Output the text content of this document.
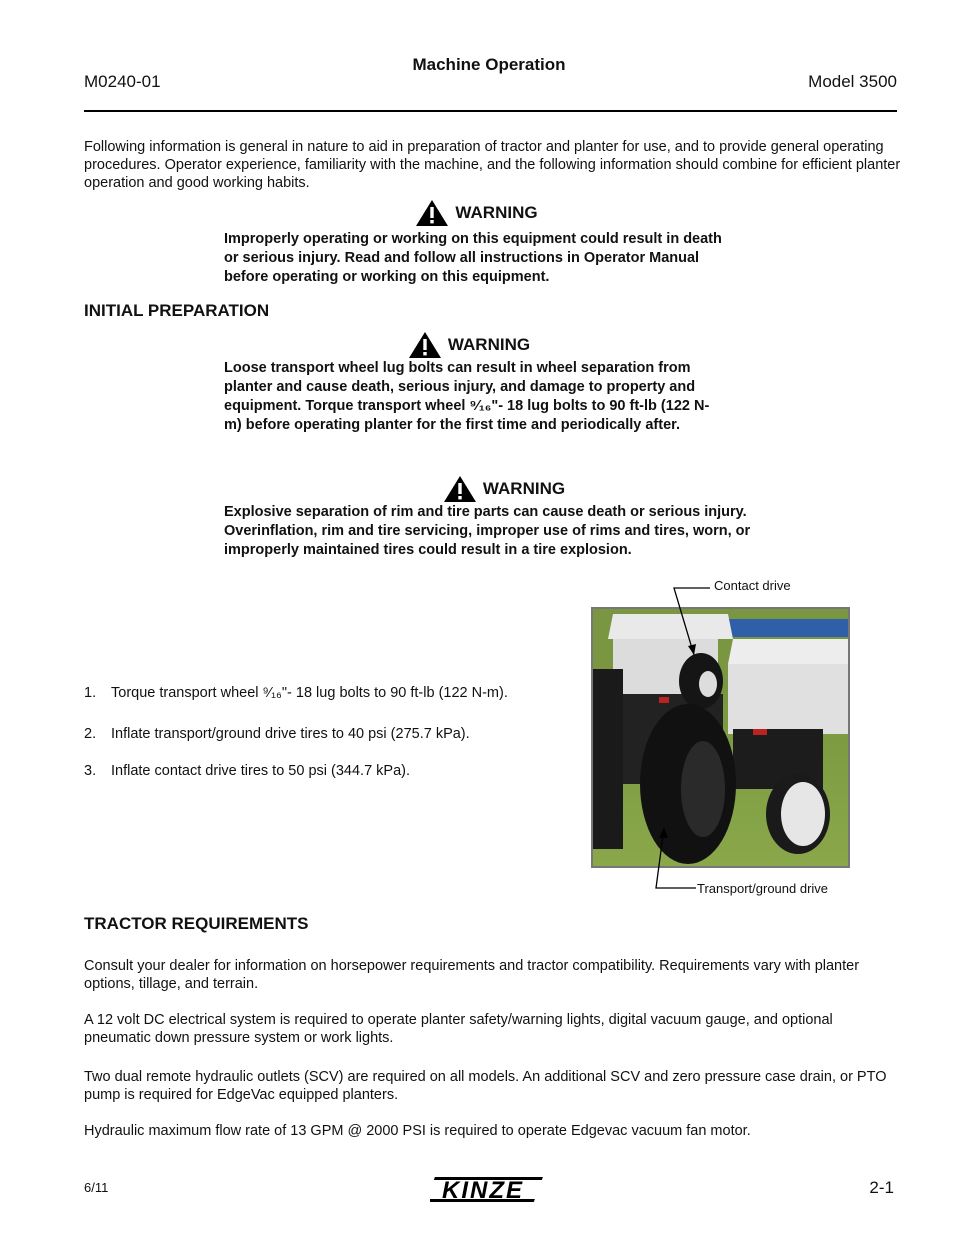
M0240-01
Machine Operation
Model 3500

Following information is general in nature to aid in preparation of tractor and planter for use, and to provide general operating procedures. Operator experience, familiarity with the machine, and the following information should combine for efficient planter operation and good working habits.

WARNING
Improperly operating or working on this equipment could result in death or serious injury. Read and follow all instructions in Operator Manual before operating or working on this equipment.
INITIAL PREPARATION
WARNING
Loose transport wheel lug bolts can result in wheel separation from planter and cause death, serious injury, and damage to property and equipment. Torque transport wheel ⁹⁄₁₆"- 18 lug bolts to 90 ft-lb (122 N-m) before operating planter for the first time and periodically after.
WARNING
Explosive separation of rim and tire parts can cause death or serious injury. Overinflation, rim and tire servicing, improper use of rims and tires, worn, or improperly maintained tires could result in a tire explosion.
1.	Torque transport wheel ⁹⁄₁₆"- 18 lug bolts to 90 ft-lb (122 N-m).
2.	Inflate transport/ground drive tires to 40 psi (275.7 kPa).
3.	Inflate contact drive tires to 50 psi (344.7 kPa).
Contact drive
Transport/ground drive
TRACTOR REQUIREMENTS

Consult your dealer for information on horsepower requirements and tractor compatibility. Requirements vary with planter options, tillage, and terrain.

A 12 volt DC electrical system is required to operate planter safety/warning lights, digital vacuum gauge, and optional pneumatic down pressure system or work lights.

Two dual remote hydraulic outlets (SCV) are required on all models. An additional SCV and zero pressure case drain, or PTO pump is required for EdgeVac equipped planters.

Hydraulic maximum flow rate of 13 GPM @ 2000 PSI is required to operate Edgevac vacuum fan motor.

6/11	KINZE	2-1
